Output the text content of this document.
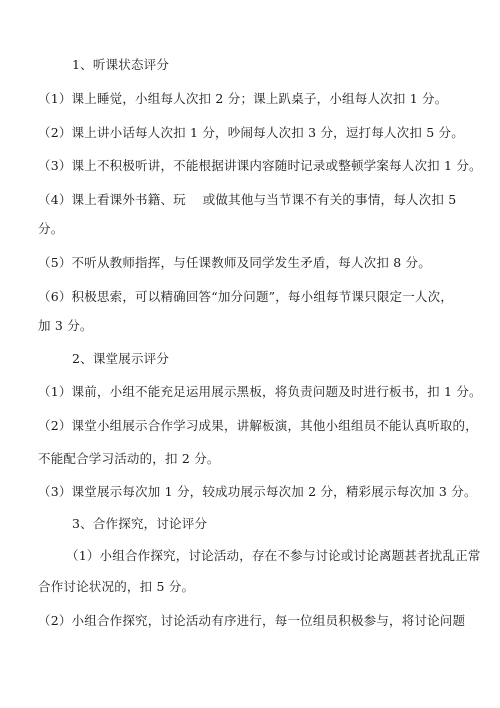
1、听课状态评分
（1）课上睡觉，小组每人次扣 2 分；课上趴桌子，小组每人次扣 1 分。
（2）课上讲小话每人次扣 1 分，吵闹每人次扣 3 分，逗打每人次扣 5 分。
（3）课上不积极听讲，不能根据讲课内容随时记录或整顿学案每人次扣 1 分。
（4）课上看课外书籍、玩　 或做其他与当节课不有关的事情，每人次扣 5
分。
（5）不听从教师指挥，与任课教师及同学发生矛盾，每人次扣 8 分。
（6）积极思索，可以精确回答“加分问题”，每小组每节课只限定一人次，
加 3 分。
2、课堂展示评分
（1）课前，小组不能充足运用展示黑板，将负责问题及时进行板书，扣 1 分。
（2）课堂小组展示合作学习成果，讲解板演，其他小组组员不能认真听取的，
不能配合学习活动的，扣 2 分。
（3）课堂展示每次加 1 分，较成功展示每次加 2 分，精彩展示每次加 3 分。
3、合作探究，讨论评分
（1）小组合作探究，讨论活动，存在不参与讨论或讨论离题甚者扰乱正常
合作讨论状况的，扣 5 分。
（2）小组合作探究，讨论活动有序进行，每一位组员积极参与，将讨论问题
